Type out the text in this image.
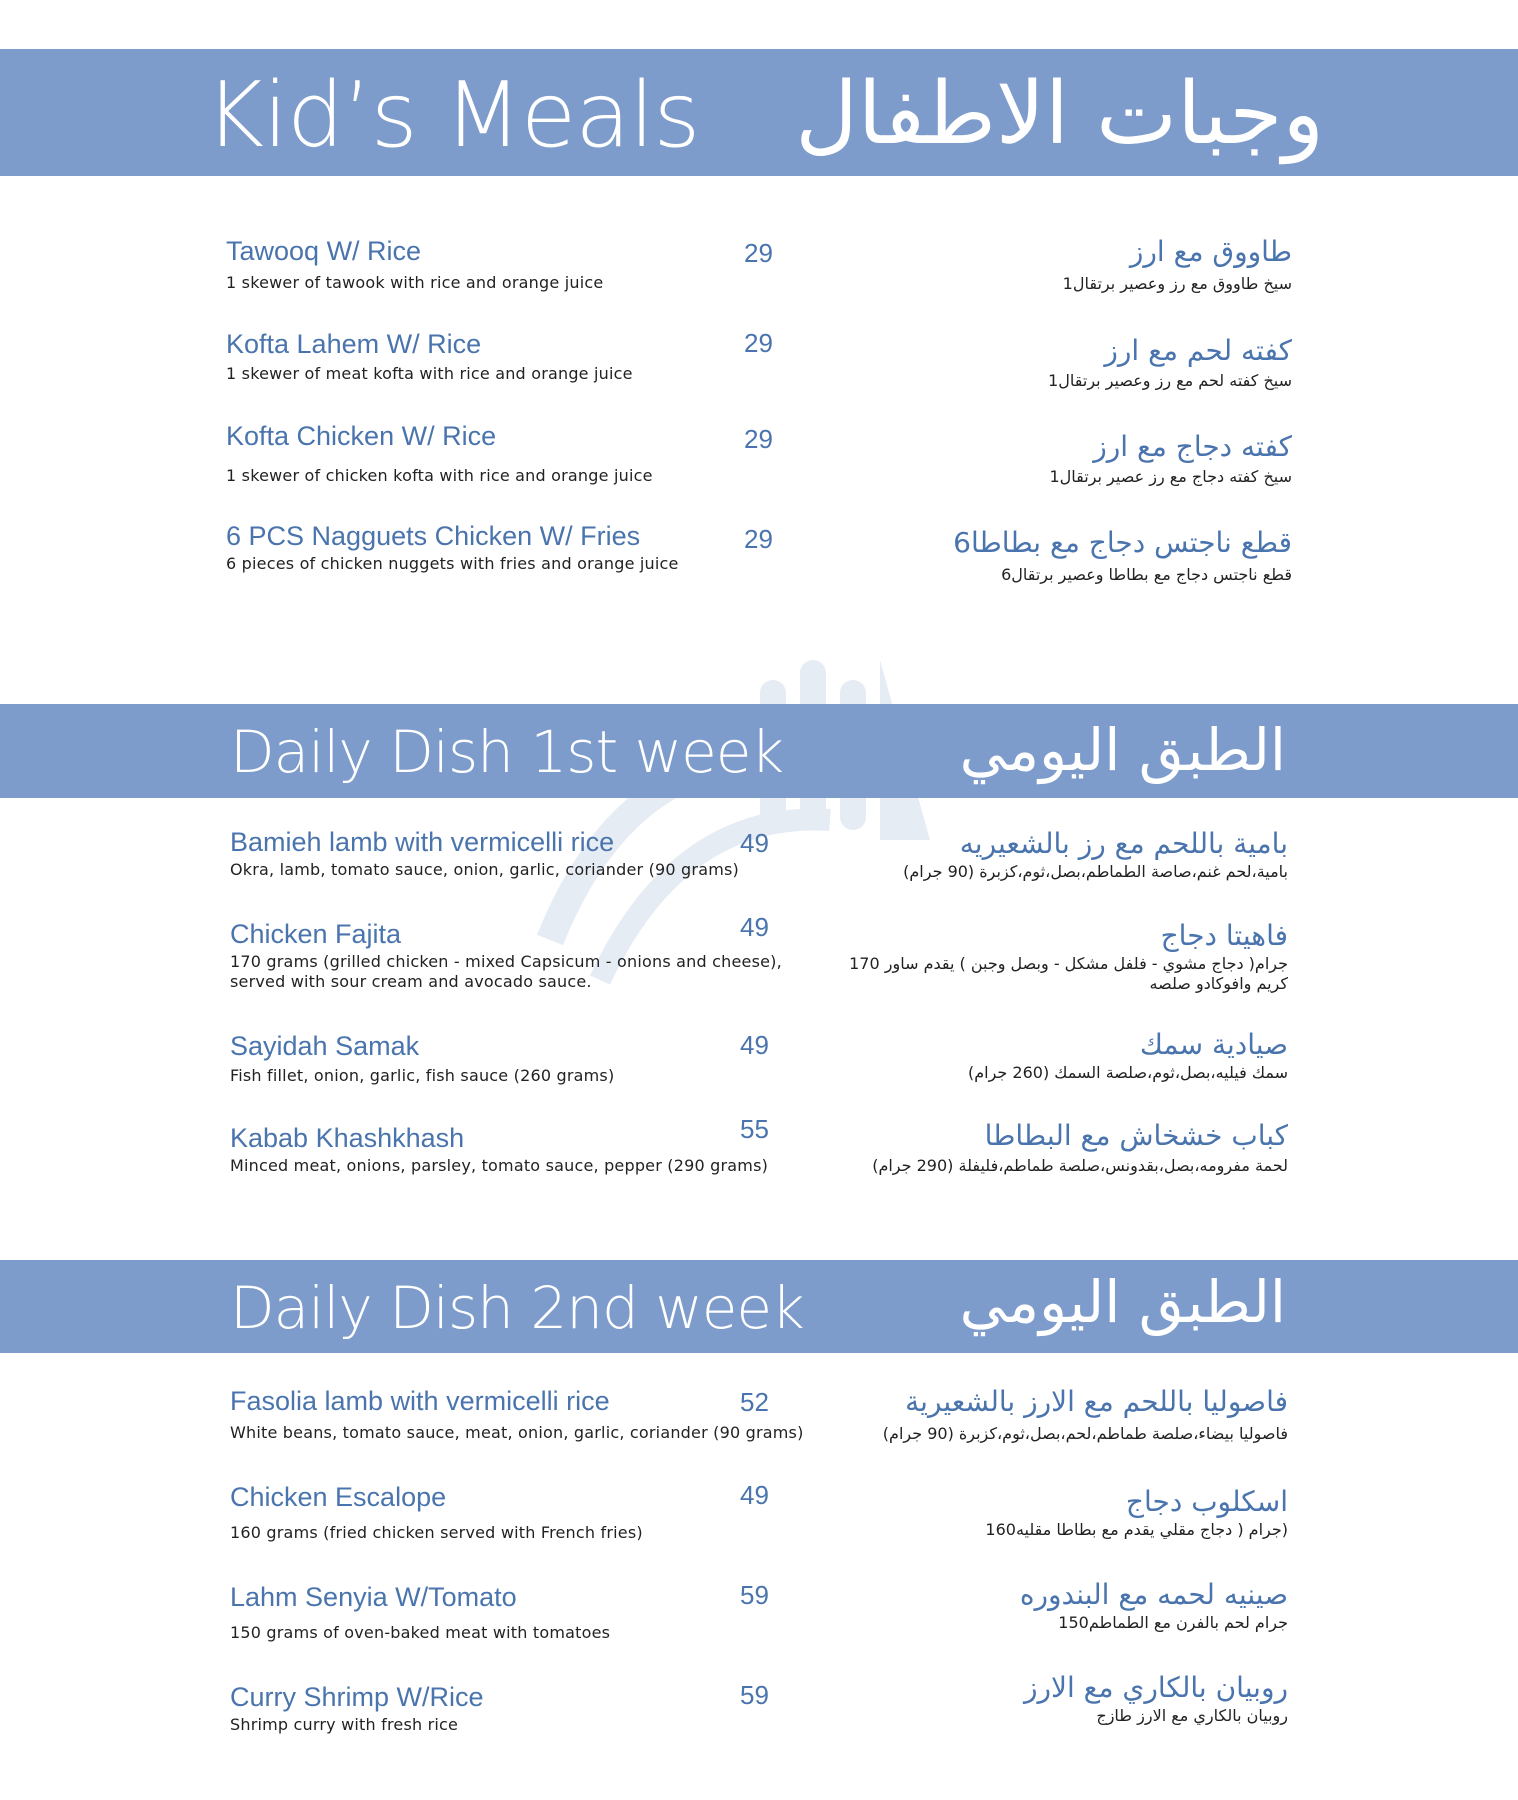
Kid’s Meals وجبات الاطفال
Tawooq W/ Rice
1 skewer of tawook with rice and orange juice
29	طاووق مع ارز
سيخ طاووق مع رز وعصير برتقال1
Kofta Lahem W/ Rice
1 skewer of meat kofta with rice and orange juice
29	كفته لحم مع ارز
سيخ كفته لحم مع رز وعصير برتقال1
Kofta Chicken W/ Rice
1 skewer of chicken kofta with rice and orange juice
29	كفته دجاج مع ارز
سيخ كفته دجاج مع رز عصير برتقال1
6 PCS Nagguets Chicken W/ Fries
6 pieces of chicken nuggets with fries and orange juice
29	قطع ناجتس دجاج مع بطاطا6
قطع ناجتس دجاج مع بطاطا وعصير برتقال6
Daily Dish 1st week	الطبق اليومي
Bamieh lamb with vermicelli rice
Okra, lamb, tomato sauce, onion, garlic, coriander (90 grams)
49	بامية باللحم مع رز بالشعيريه
بامية،لحم غنم،صاصة الطماطم،بصل،ثوم،كزبرة (90 جرام)
Chicken Fajita
170 grams (grilled chicken - mixed Capsicum - onions and cheese),
served with sour cream and avocado sauce.
49	فاهيتا دجاج
جرام( دجاج مشوي - فلفل مشكل - وبصل وجبن ) يقدم ساور 170
كريم وافوكادو صلصه
Sayidah Samak
Fish fillet, onion, garlic, fish sauce (260 grams)
49	صيادية سمك
سمك فيليه،بصل،ثوم،صلصة السمك (260 جرام)
Kabab Khashkhash
Minced meat, onions, parsley, tomato sauce, pepper (290 grams)
55	كباب خشخاش مع البطاطا
لحمة مفرومه،بصل،بقدونس،صلصة طماطم،فليفلة (290 جرام)
Daily Dish 2nd week	الطبق اليومي
Fasolia lamb with vermicelli rice
White beans, tomato sauce, meat, onion, garlic, coriander (90 grams)
52	فاصوليا باللحم مع الارز بالشعيرية
فاصوليا بيضاء،صلصة طماطم،لحم،بصل،ثوم،كزبرة (90 جرام)
Chicken Escalope
160 grams (fried chicken served with French fries)
49	اسكلوب دجاج
(جرام ( دجاج مقلي يقدم مع بطاطا مقليه160
Lahm Senyia W/Tomato
150 grams of oven-baked meat with tomatoes
59	صينيه لحمه مع البندوره
جرام لحم بالفرن مع الطماطم150
Curry Shrimp W/Rice
Shrimp curry with fresh rice
59	روبيان بالكاري مع الارز
روبيان بالكاري مع الارز طازج
